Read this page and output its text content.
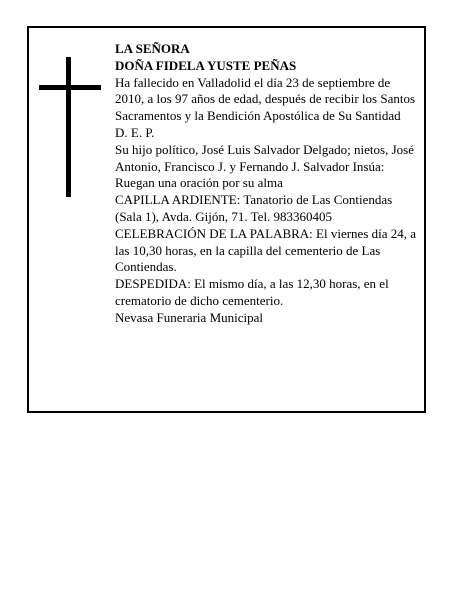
LA SEÑORA

DOÑA FIDELA YUSTE PEÑAS

Ha fallecido en Valladolid el día 23 de septiembre de 2010, a los 97 años de edad, después de recibir los Santos Sacramentos y la Bendición Apostólica de Su Santidad

D. E. P.

Su hijo político, José Luis Salvador Delgado; nietos, José Antonio, Francisco J. y Fernando J. Salvador Insúa:

Ruegan una oración por su alma

CAPILLA ARDIENTE: Tanatorio de Las Contiendas (Sala 1), Avda. Gijón, 71. Tel. 983360405

CELEBRACIÓN DE LA PALABRA: El viernes día 24, a las 10,30 horas, en la capilla del cementerio de Las Contiendas.

DESPEDIDA: El mismo día, a las 12,30 horas, en el crematorio de dicho cementerio.

Nevasa Funeraria Municipal
